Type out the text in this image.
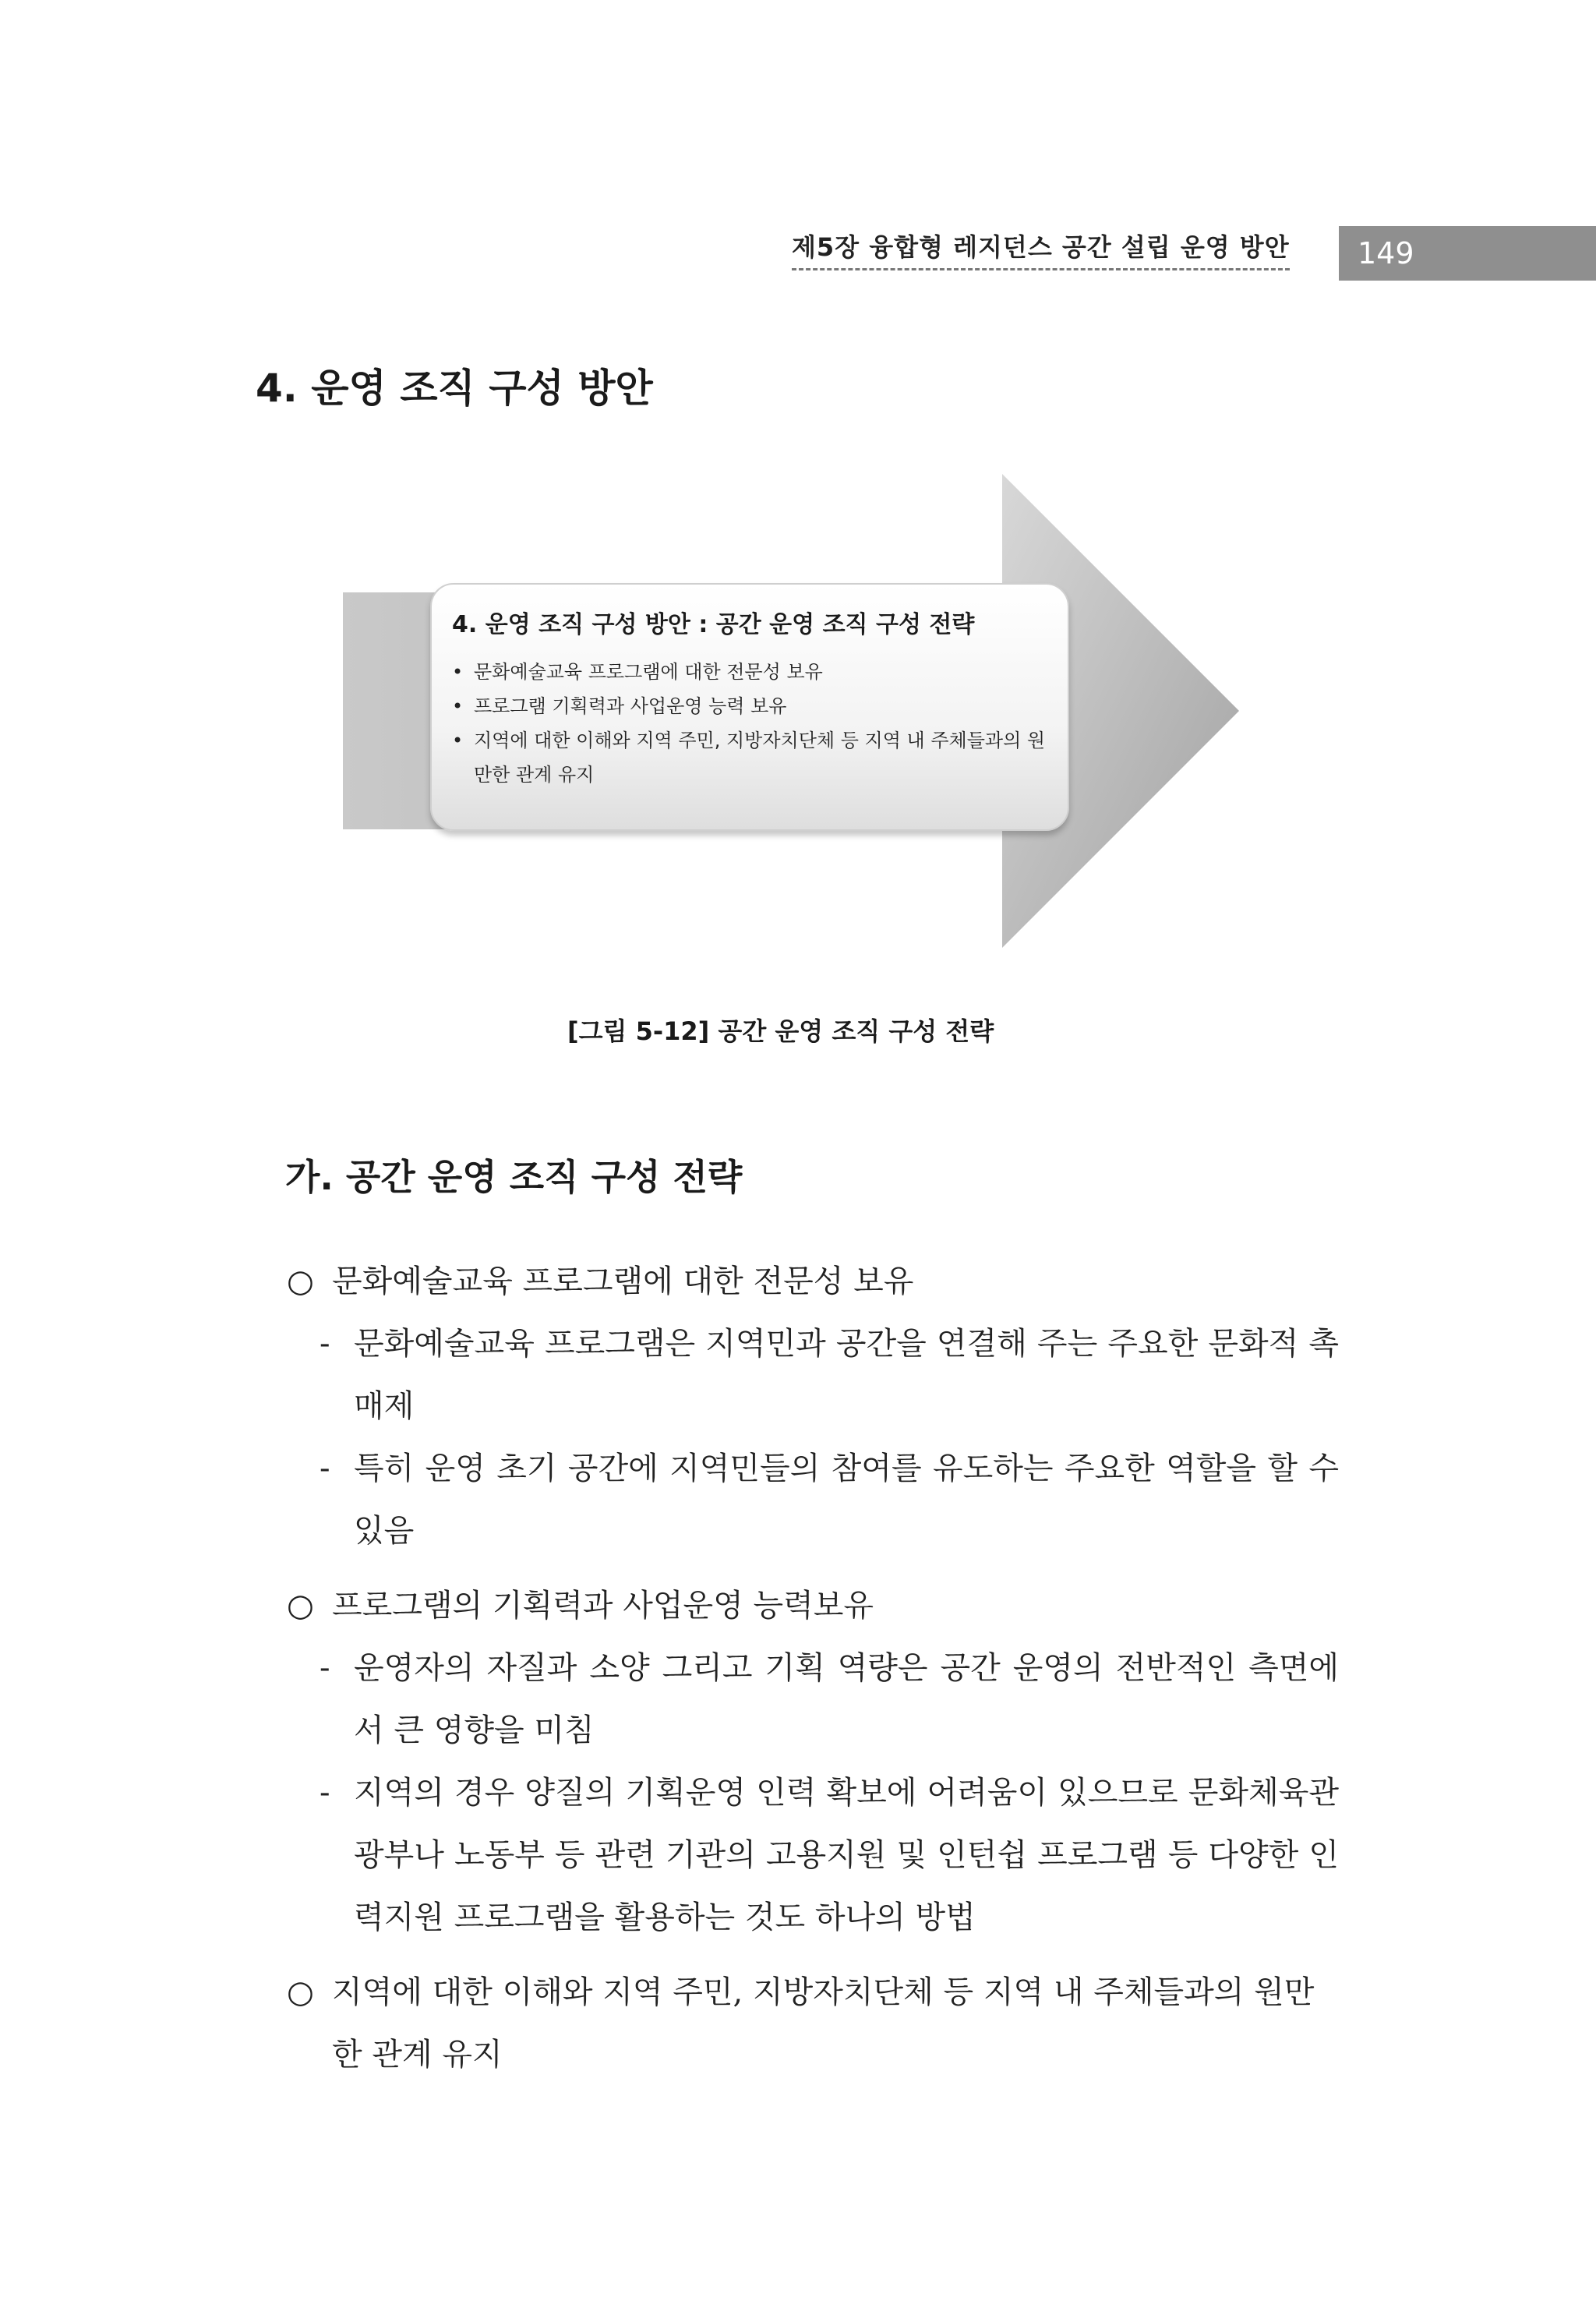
제5장 융합형 레지던스 공간 설립 운영 방안	149
4. 운영 조직 구성 방안
4. 운영 조직 구성 방안 : 공간 운영 조직 구성 전략
• 문화예술교육 프로그램에 대한 전문성 보유
• 프로그램 기획력과 사업운영 능력 보유
• 지역에 대한 이해와 지역 주민, 지방자치단체 등 지역 내 주체들과의 원만한 관계 유지
[그림 5-12] 공간 운영 조직 구성 전략
가. 공간 운영 조직 구성 전략
○ 문화예술교육 프로그램에 대한 전문성 보유
- 문화예술교육 프로그램은 지역민과 공간을 연결해 주는 주요한 문화적 촉매제
- 특히 운영 초기 공간에 지역민들의 참여를 유도하는 주요한 역할을 할 수 있음
○ 프로그램의 기획력과 사업운영 능력보유
- 운영자의 자질과 소양 그리고 기획 역량은 공간 운영의 전반적인 측면에서 큰 영향을 미침
- 지역의 경우 양질의 기획운영 인력 확보에 어려움이 있으므로 문화체육관광부나 노동부 등 관련 기관의 고용지원 및 인턴쉽 프로그램 등 다양한 인력지원 프로그램을 활용하는 것도 하나의 방법
○ 지역에 대한 이해와 지역 주민, 지방자치단체 등 지역 내 주체들과의 원만한 관계 유지
